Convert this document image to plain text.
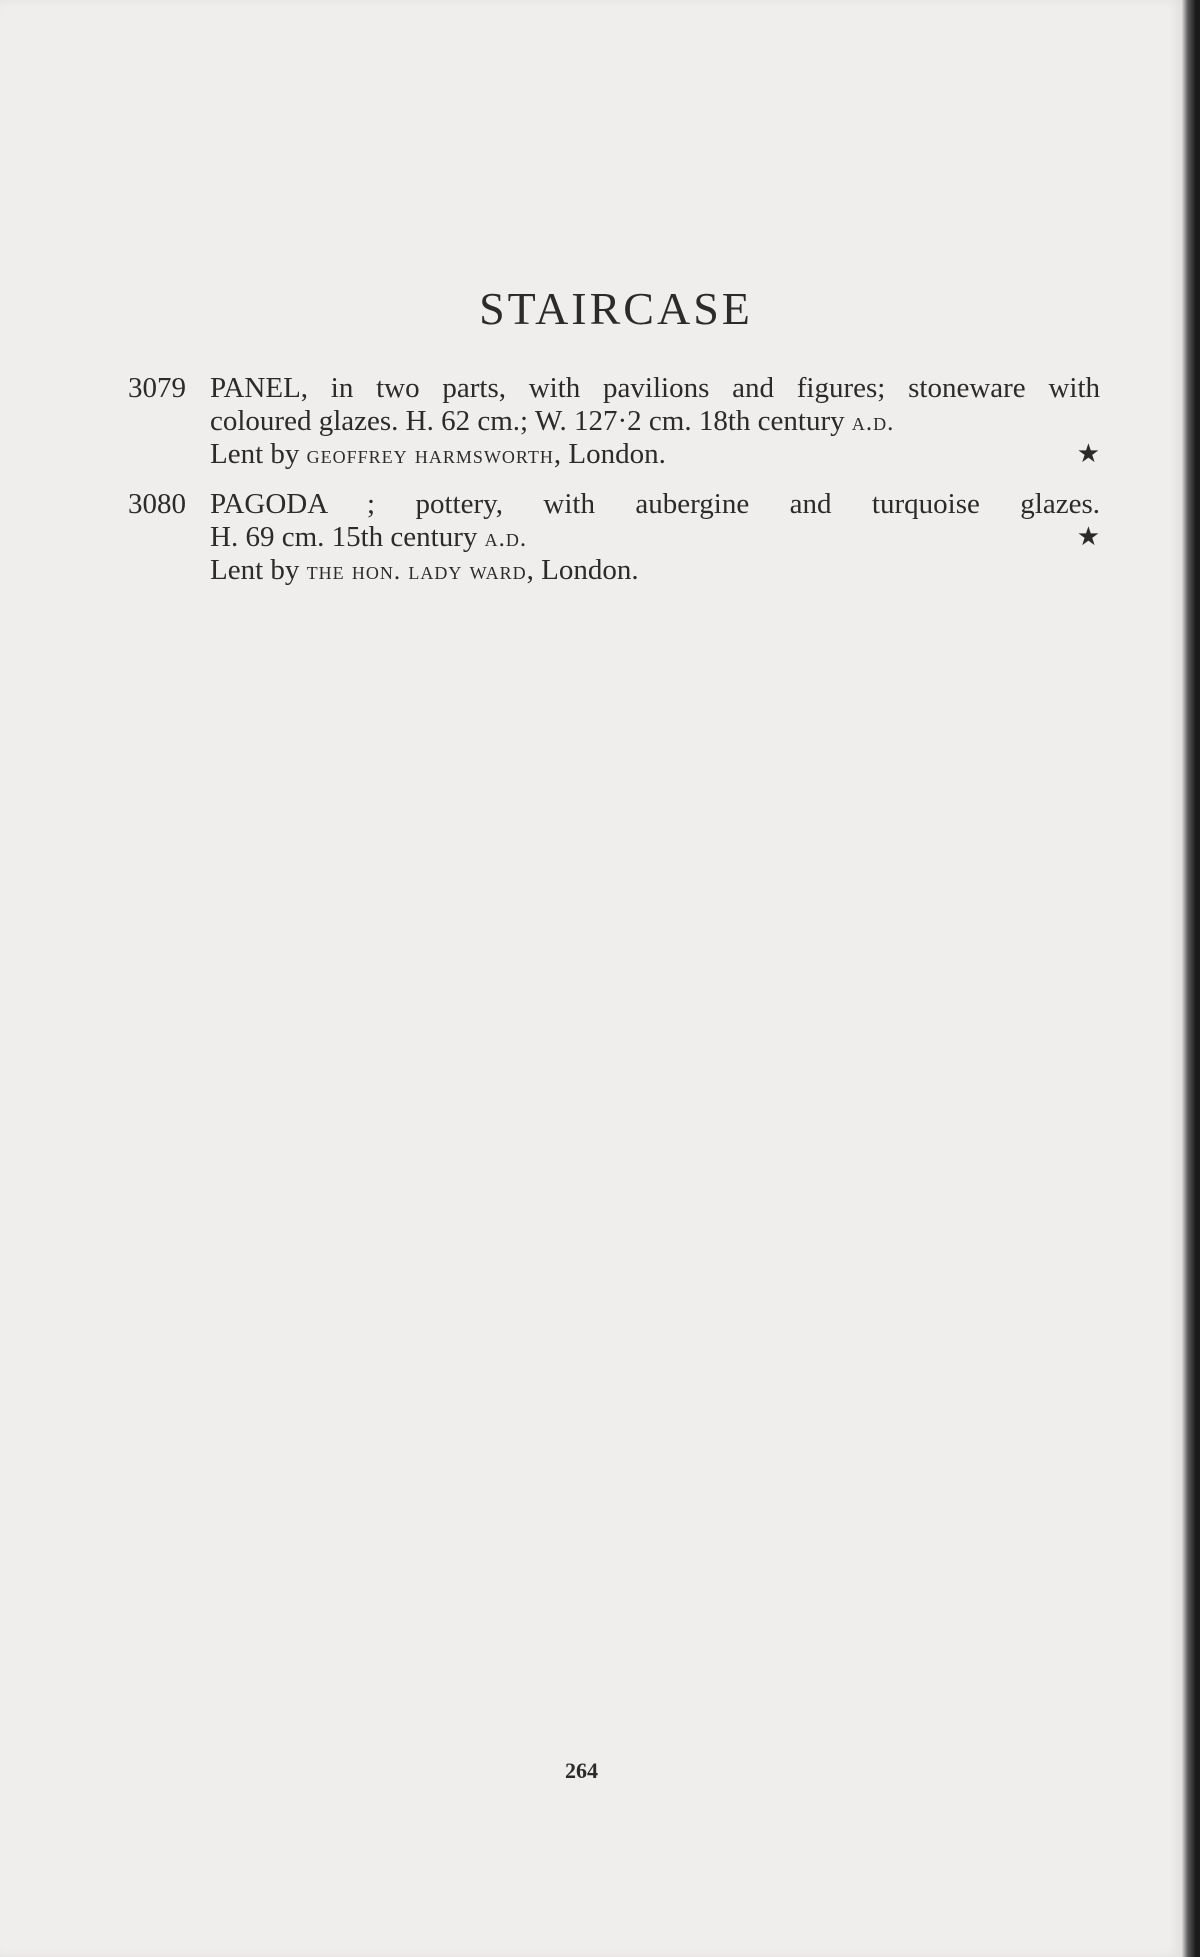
STAIRCASE
3079 PANEL, in two parts, with pavilions and figures; stoneware with
coloured glazes. H. 62 cm.; W. 127·2 cm. 18th century a.d.
Lent by geoffrey harmsworth, London.	★
3080 PAGODA ; pottery, with aubergine and turquoise glazes.
H. 69 cm. 15th century a.d.	★
Lent by the hon. lady ward, London.
264
